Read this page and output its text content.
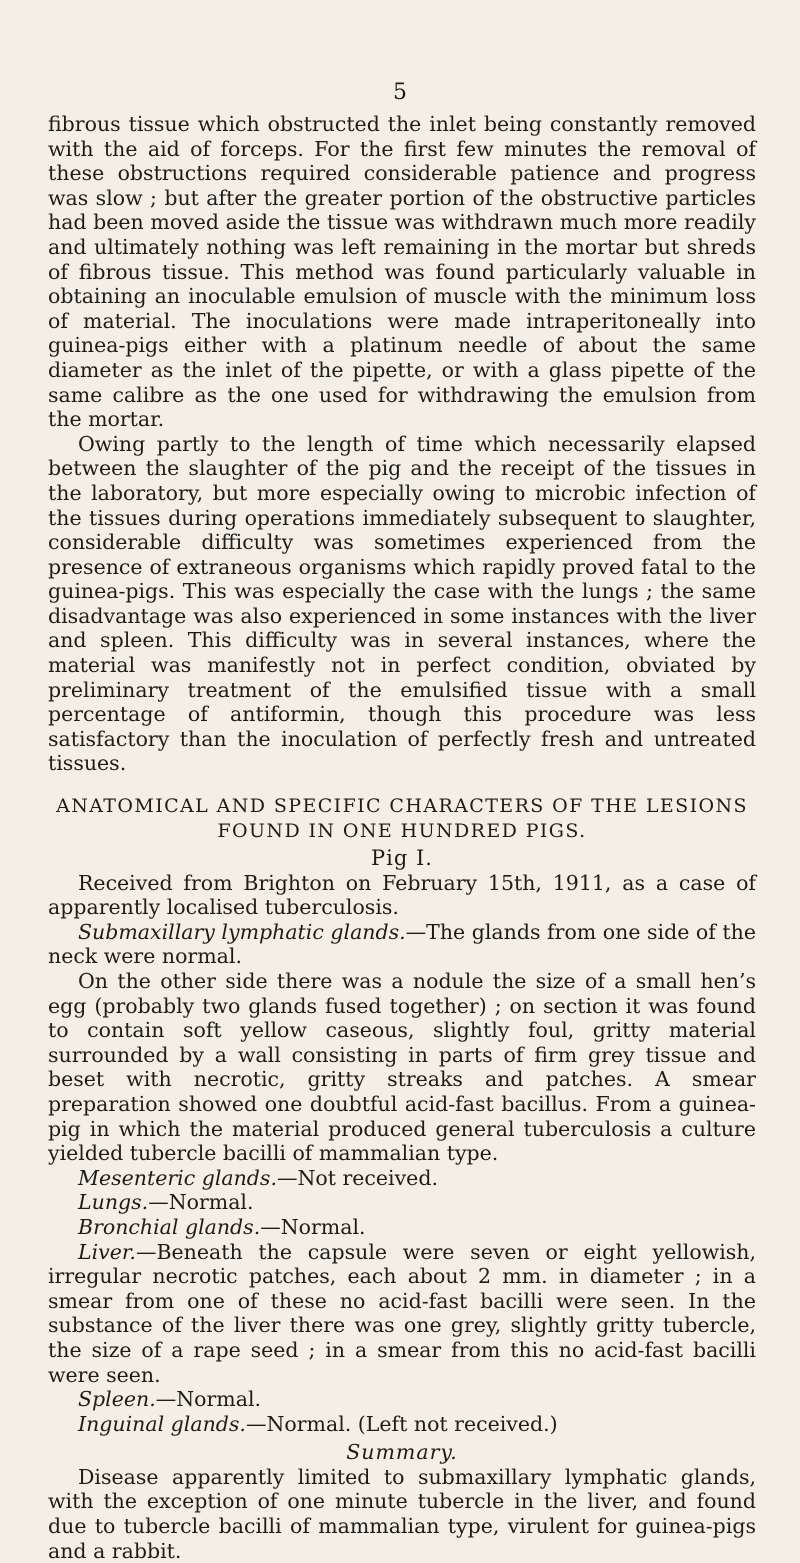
5

fibrous tissue which obstructed the inlet being constantly removed with the aid of forceps. For the first few minutes the removal of these obstructions required considerable patience and progress was slow ; but after the greater portion of the obstructive particles had been moved aside the tissue was withdrawn much more readily and ultimately nothing was left remaining in the mortar but shreds of fibrous tissue. This method was found particularly valuable in obtaining an inoculable emulsion of muscle with the minimum loss of material. The inoculations were made intraperitoneally into guinea-pigs either with a platinum needle of about the same diameter as the inlet of the pipette, or with a glass pipette of the same calibre as the one used for withdrawing the emulsion from the mortar.

Owing partly to the length of time which necessarily elapsed between the slaughter of the pig and the receipt of the tissues in the laboratory, but more especially owing to microbic infection of the tissues during operations immediately subsequent to slaughter, considerable difficulty was sometimes experienced from the presence of extraneous organisms which rapidly proved fatal to the guinea-pigs. This was especially the case with the lungs ; the same disadvantage was also experienced in some instances with the liver and spleen. This difficulty was in several instances, where the material was manifestly not in perfect condition, obviated by preliminary treatment of the emulsified tissue with a small percentage of antiformin, though this procedure was less satisfactory than the inoculation of perfectly fresh and untreated tissues.

ANATOMICAL AND SPECIFIC CHARACTERS OF THE LESIONS FOUND IN ONE HUNDRED PIGS.

Pig I.

Received from Brighton on February 15th, 1911, as a case of apparently localised tuberculosis.

Submaxillary lymphatic glands.—The glands from one side of the neck were normal.

On the other side there was a nodule the size of a small hen’s egg (probably two glands fused together) ; on section it was found to contain soft yellow caseous, slightly foul, gritty material surrounded by a wall consisting in parts of firm grey tissue and beset with necrotic, gritty streaks and patches. A smear preparation showed one doubtful acid-fast bacillus. From a guinea-pig in which the material produced general tuberculosis a culture yielded tubercle bacilli of mammalian type.

Mesenteric glands.—Not received.

Lungs.—Normal.

Bronchial glands.—Normal.

Liver.—Beneath the capsule were seven or eight yellowish, irregular necrotic patches, each about 2 mm. in diameter ; in a smear from one of these no acid-fast bacilli were seen. In the substance of the liver there was one grey, slightly gritty tubercle, the size of a rape seed ; in a smear from this no acid-fast bacilli were seen.

Spleen.—Normal.

Inguinal glands.—Normal. (Left not received.)

Summary.

Disease apparently limited to submaxillary lymphatic glands, with the exception of one minute tubercle in the liver, and found due to tubercle bacilli of mammalian type, virulent for guinea-pigs and a rabbit.
